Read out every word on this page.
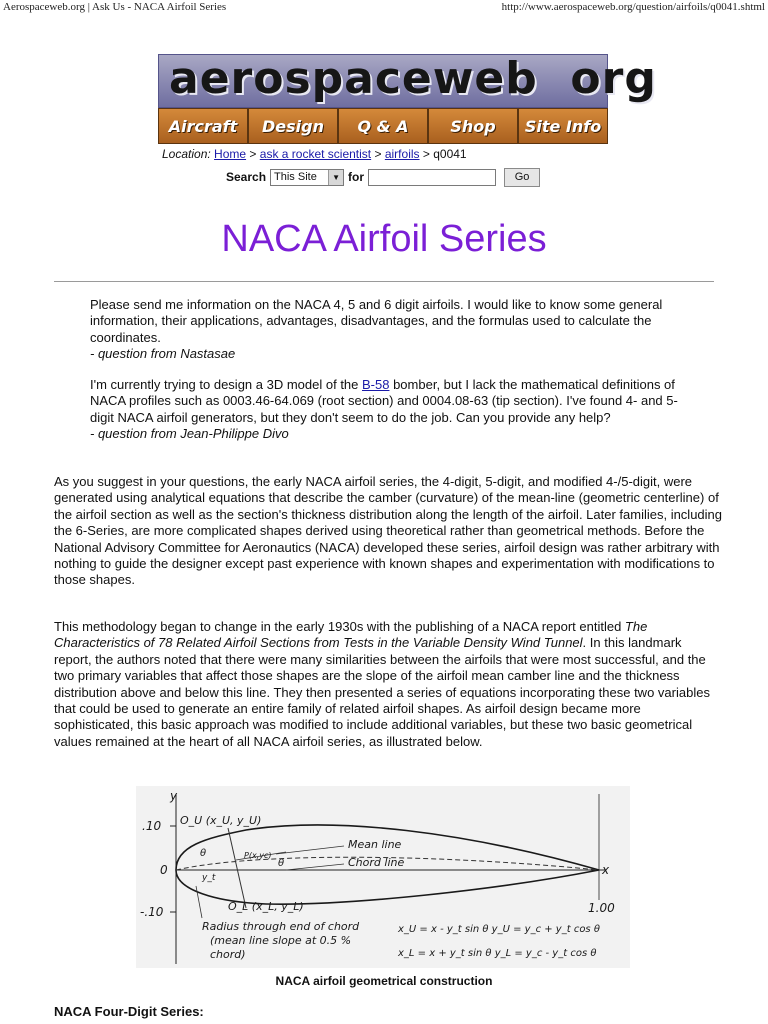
Aerospaceweb.org | Ask Us - NACA Airfoil Series	http://www.aerospaceweb.org/question/airfoils/q0041.shtml
aerospaceweb  org
Aircraft	Design	Q & A	Shop	Site Info
Location: Home > ask a rocket scientist > airfoils > q0041
Search This Site	▼ for	Go
NACA Airfoil Series

Please send me information on the NACA 4, 5 and 6 digit airfoils. I would like to know some general information, their applications, advantages, disadvantages, and the formulas used to calculate the coordinates.
- question from Nastasae

I'm currently trying to design a 3D model of the B-58 bomber, but I lack the mathematical definitions of NACA profiles such as 0003.46-64.069 (root section) and 0004.08-63 (tip section). I've found 4- and 5-digit NACA airfoil generators, but they don't seem to do the job. Can you provide any help?
- question from Jean-Philippe Divo

As you suggest in your questions, the early NACA airfoil series, the 4-digit, 5-digit, and modified 4-/5-digit, were generated using analytical equations that describe the camber (curvature) of the mean-line (geometric centerline) of the airfoil section as well as the section's thickness distribution along the length of the airfoil. Later families, including the 6-Series, are more complicated shapes derived using theoretical rather than geometrical methods. Before the National Advisory Committee for Aeronautics (NACA) developed these series, airfoil design was rather arbitrary with nothing to guide the designer except past experience with known shapes and experimentation with modifications to those shapes.

This methodology began to change in the early 1930s with the publishing of a NACA report entitled The Characteristics of 78 Related Airfoil Sections from Tests in the Variable Density Wind Tunnel. In this landmark report, the authors noted that there were many similarities between the airfoils that were most successful, and the two primary variables that affect those shapes are the slope of the airfoil mean camber line and the thickness distribution above and below this line. They then presented a series of equations incorporating these two variables that could be used to generate an entire family of related airfoil shapes. As airfoil design became more sophisticated, this basic approach was modified to include additional variables, but these two basic geometrical values remained at the heart of all NACA airfoil series, as illustrated below.

y
.10
0
-.10
x
1.00
O_U (x_U, y_U)
O_L (x_L, y_L)
P(x,yc)
y_t
θ
θ
Mean line
Chord line
Radius through end of chord
(mean line slope at 0.5 %
chord)
x_U = x - y_t sin θ y_U = y_c + y_t cos θ
x_L = x + y_t sin θ y_L = y_c - y_t cos θ
NACA airfoil geometrical construction
NACA Four-Digit Series:
